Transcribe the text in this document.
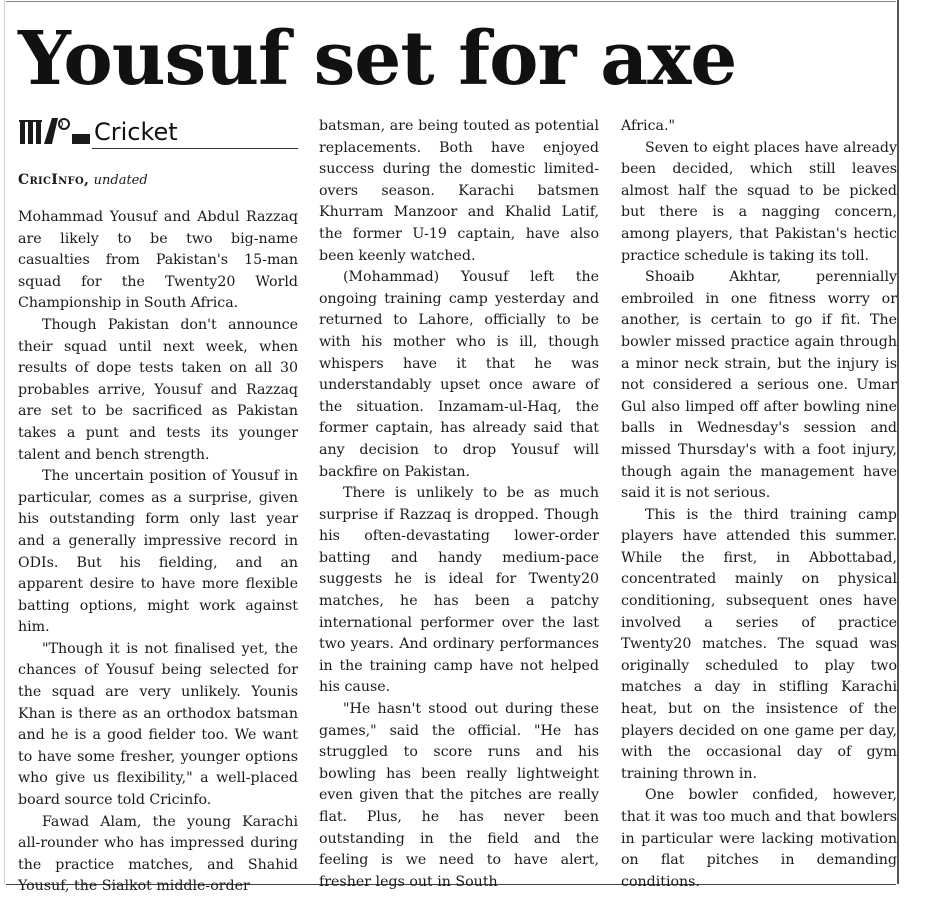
Yousuf set for axe
Cricket
CricInfo, undated

Mohammad Yousuf and Abdul Razzaq are likely to be two big-name casualties from Pakistan's 15-man squad for the Twenty20 World Championship in South Africa.

Though Pakistan don't announce their squad until next week, when results of dope tests taken on all 30 probables arrive, Yousuf and Razzaq are set to be sacrificed as Pakistan takes a punt and tests its younger talent and bench strength.

The uncertain position of Yousuf in particular, comes as a surprise, given his outstanding form only last year and a generally impressive record in ODIs. But his fielding, and an apparent desire to have more flexible batting options, might work against him.

"Though it is not finalised yet, the chances of Yousuf being selected for the squad are very unlikely. Younis Khan is there as an orthodox batsman and he is a good fielder too. We want to have some fresher, younger options who give us flexibility," a well-placed board source told Cricinfo.

Fawad Alam, the young Karachi all-rounder who has impressed during the practice matches, and Shahid Yousuf, the Sialkot middle-order

batsman, are being touted as potential replacements. Both have enjoyed success during the domestic limited-overs season. Karachi batsmen Khurram Manzoor and Khalid Latif, the former U-19 captain, have also been keenly watched.

(Mohammad) Yousuf left the ongoing training camp yesterday and returned to Lahore, officially to be with his mother who is ill, though whispers have it that he was understandably upset once aware of the situation. Inzamam-ul-Haq, the former captain, has already said that any decision to drop Yousuf will backfire on Pakistan.

There is unlikely to be as much surprise if Razzaq is dropped. Though his often-devastating lower-order batting and handy medium-pace suggests he is ideal for Twenty20 matches, he has been a patchy international performer over the last two years. And ordinary performances in the training camp have not helped his cause.

"He hasn't stood out during these games," said the official. "He has struggled to score runs and his bowling has been really lightweight even given that the pitches are really flat. Plus, he has never been outstanding in the field and the feeling is we need to have alert, fresher legs out in South

Africa."

Seven to eight places have already been decided, which still leaves almost half the squad to be picked but there is a nagging concern, among players, that Pakistan's hectic practice schedule is taking its toll.

Shoaib Akhtar, perennially embroiled in one fitness worry or another, is certain to go if fit. The bowler missed practice again through a minor neck strain, but the injury is not considered a serious one. Umar Gul also limped off after bowling nine balls in Wednesday's session and missed Thursday's with a foot injury, though again the management have said it is not serious.

This is the third training camp players have attended this summer. While the first, in Abbottabad, concentrated mainly on physical conditioning, subsequent ones have involved a series of practice Twenty20 matches. The squad was originally scheduled to play two matches a day in stifling Karachi heat, but on the insistence of the players decided on one game per day, with the occasional day of gym training thrown in.

One bowler confided, however, that it was too much and that bowlers in particular were lacking motivation on flat pitches in demanding conditions.
